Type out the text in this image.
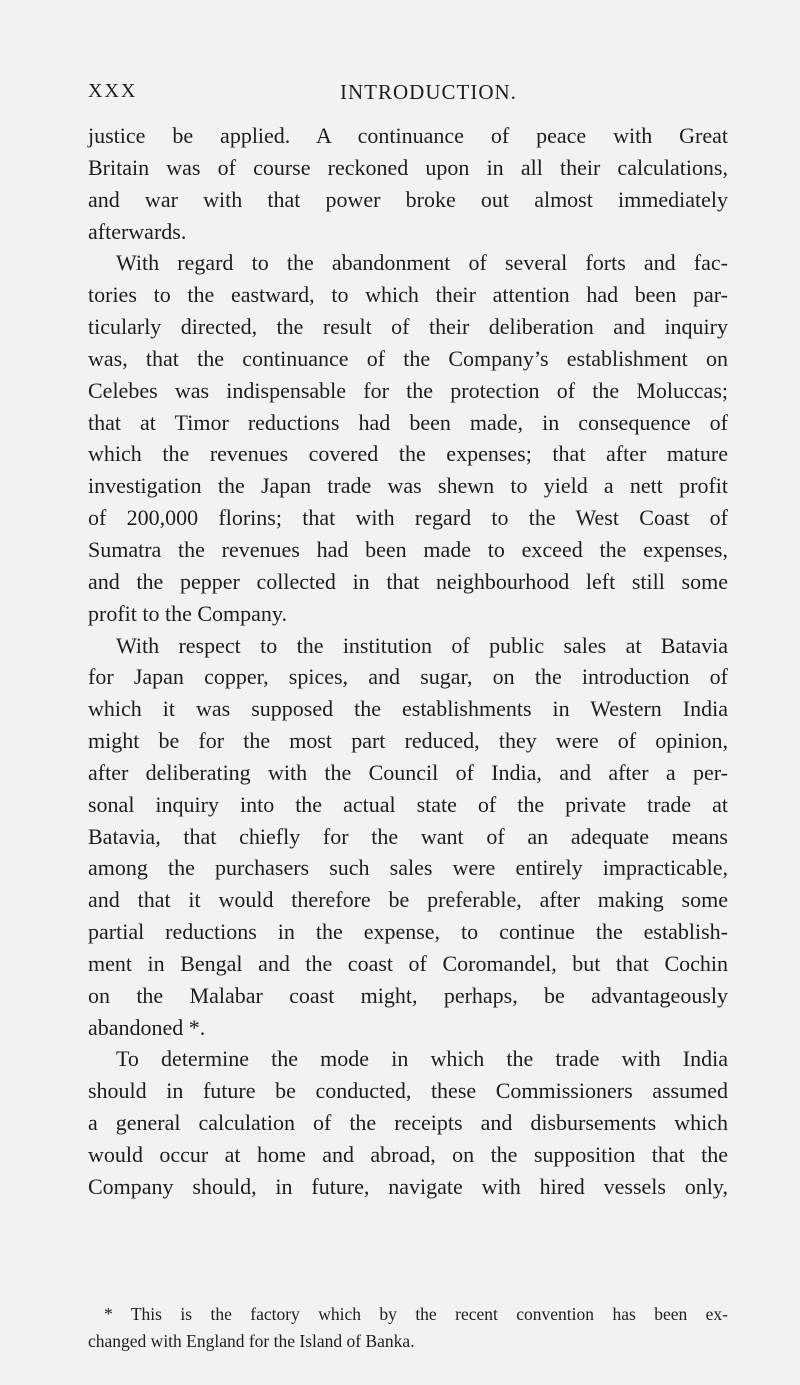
XXX	INTRODUCTION.
justice be applied. A continuance of peace with Great
Britain was of course reckoned upon in all their calculations,
and war with that power broke out almost immediately
afterwards.
With regard to the abandonment of several forts and fac-
tories to the eastward, to which their attention had been par-
ticularly directed, the result of their deliberation and inquiry
was, that the continuance of the Company’s establishment on
Celebes was indispensable for the protection of the Moluccas;
that at Timor reductions had been made, in consequence of
which the revenues covered the expenses; that after mature
investigation the Japan trade was shewn to yield a nett profit
of 200,000 florins; that with regard to the West Coast of
Sumatra the revenues had been made to exceed the expenses,
and the pepper collected in that neighbourhood left still some
profit to the Company.
With respect to the institution of public sales at Batavia
for Japan copper, spices, and sugar, on the introduction of
which it was supposed the establishments in Western India
might be for the most part reduced, they were of opinion,
after deliberating with the Council of India, and after a per-
sonal inquiry into the actual state of the private trade at
Batavia, that chiefly for the want of an adequate means
among the purchasers such sales were entirely impracticable,
and that it would therefore be preferable, after making some
partial reductions in the expense, to continue the establish-
ment in Bengal and the coast of Coromandel, but that Cochin
on the Malabar coast might, perhaps, be advantageously
abandoned *.
To determine the mode in which the trade with India
should in future be conducted, these Commissioners assumed
a general calculation of the receipts and disbursements which
would occur at home and abroad, on the supposition that the
Company should, in future, navigate with hired vessels only,
* This is the factory which by the recent convention has been ex-
changed with England for the Island of Banka.
